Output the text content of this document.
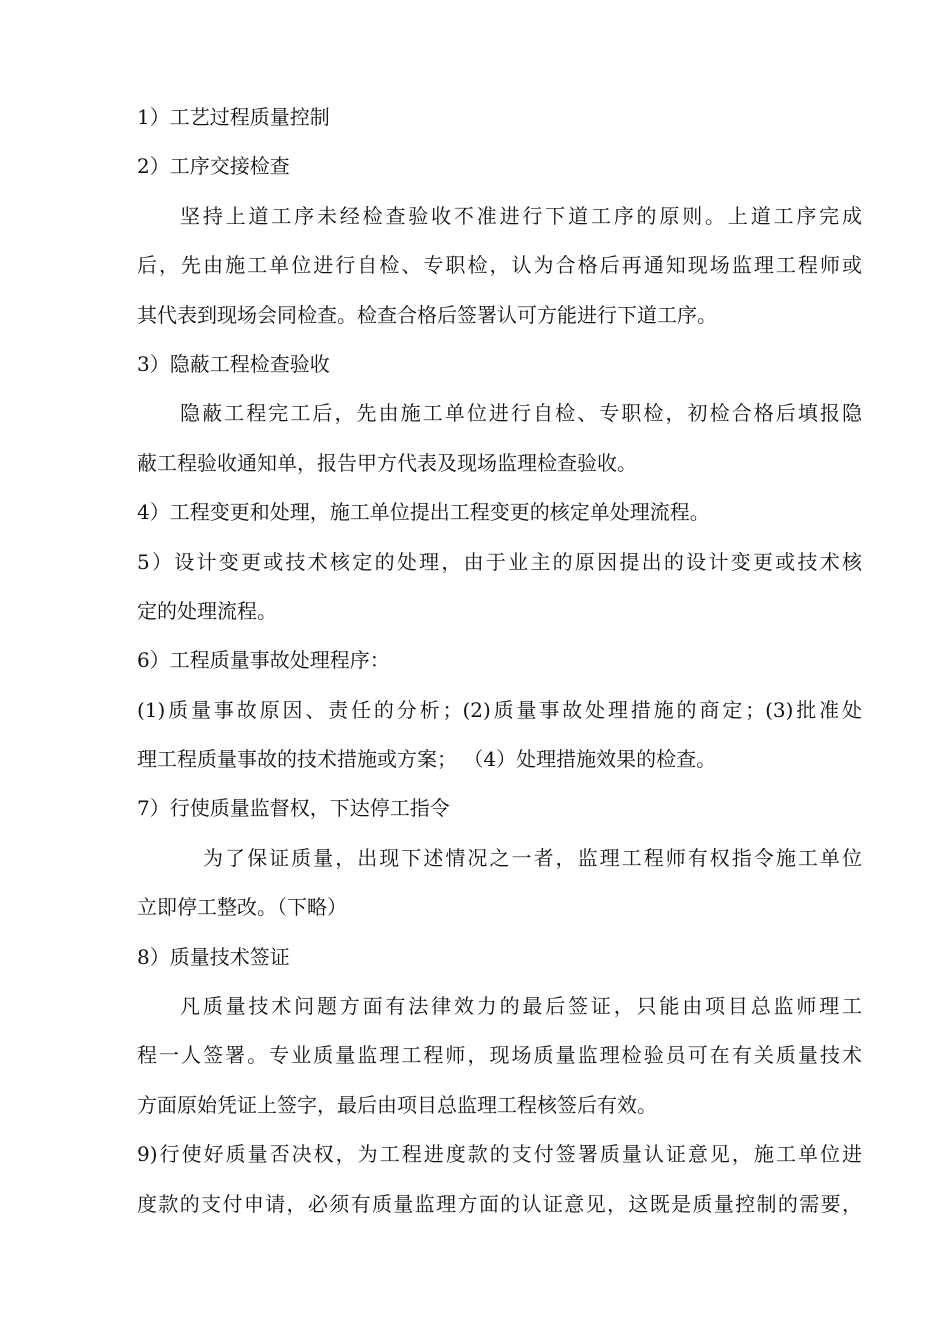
1）工艺过程质量控制
2）工序交接检查
坚持上道工序未经检查验收不准进行下道工序的原则。上道工序完成
后，先由施工单位进行自检、专职检，认为合格后再通知现场监理工程师或
其代表到现场会同检查。检查合格后签署认可方能进行下道工序。
3）隐蔽工程检查验收
隐蔽工程完工后，先由施工单位进行自检、专职检，初检合格后填报隐
蔽工程验收通知单，报告甲方代表及现场监理检查验收。
4）工程变更和处理，施工单位提出工程变更的核定单处理流程。
5）设计变更或技术核定的处理，由于业主的原因提出的设计变更或技术核
定的处理流程。
6）工程质量事故处理程序：
(1)质量事故原因、责任的分析；(2)质量事故处理措施的商定；(3)批准处
理工程质量事故的技术措施或方案； （4）处理措施效果的检查。
7）行使质量监督权，下达停工指令
为了保证质量，出现下述情况之一者，监理工程师有权指令施工单位
立即停工整改。（下略）
8）质量技术签证
凡质量技术问题方面有法律效力的最后签证，只能由项目总监师理工
程一人签署。专业质量监理工程师，现场质量监理检验员可在有关质量技术
方面原始凭证上签字，最后由项目总监理工程核签后有效。
9)行使好质量否决权，为工程进度款的支付签署质量认证意见，施工单位进
度款的支付申请，必须有质量监理方面的认证意见，这既是质量控制的需要，
